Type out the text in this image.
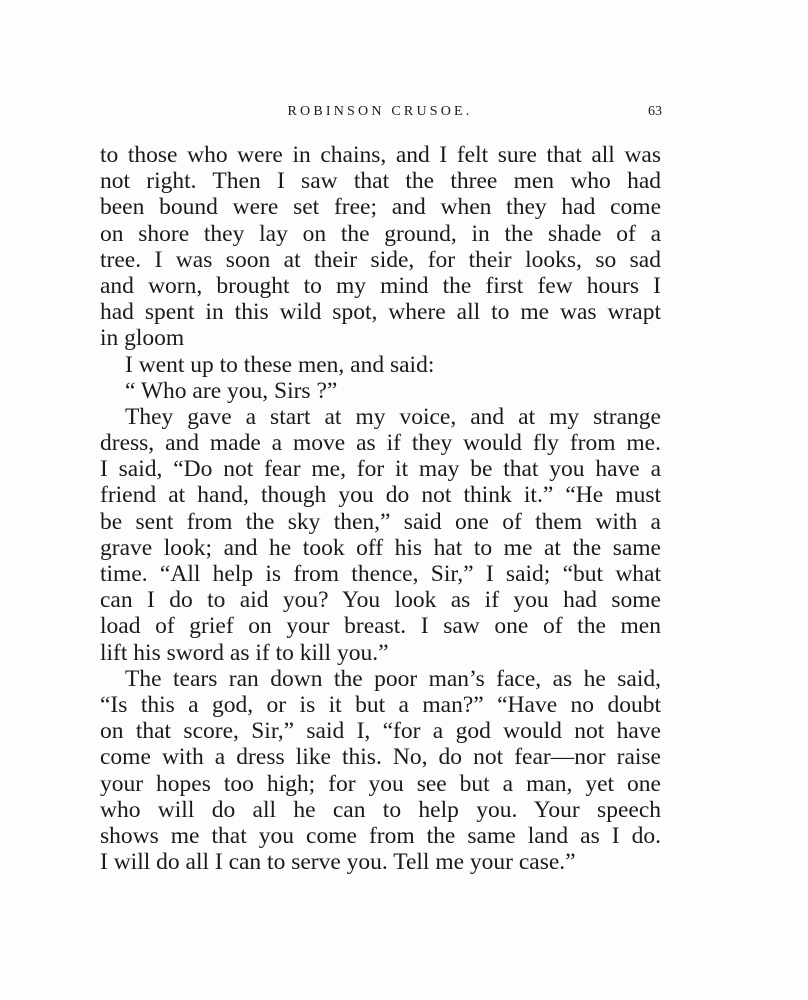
ROBINSON CRUSOE.	63
to those who were in chains, and I felt sure that all was
not right. Then I saw that the three men who had
been bound were set free; and when they had come
on shore they lay on the ground, in the shade of a
tree. I was soon at their side, for their looks, so sad
and worn, brought to my mind the first few hours I
had spent in this wild spot, where all to me was wrapt
in gloom
I went up to these men, and said:
“ Who are you, Sirs ?”
They gave a start at my voice, and at my strange
dress, and made a move as if they would fly from me.
I said, “Do not fear me, for it may be that you have a
friend at hand, though you do not think it.” “He must
be sent from the sky then,” said one of them with a
grave look; and he took off his hat to me at the same
time. “All help is from thence, Sir,” I said; “but what
can I do to aid you? You look as if you had some
load of grief on your breast. I saw one of the men
lift his sword as if to kill you.”
The tears ran down the poor man’s face, as he said,
“Is this a god, or is it but a man?” “Have no doubt
on that score, Sir,” said I, “for a god would not have
come with a dress like this. No, do not fear—nor raise
your hopes too high; for you see but a man, yet one
who will do all he can to help you. Your speech
shows me that you come from the same land as I do.
I will do all I can to serve you. Tell me your case.”
